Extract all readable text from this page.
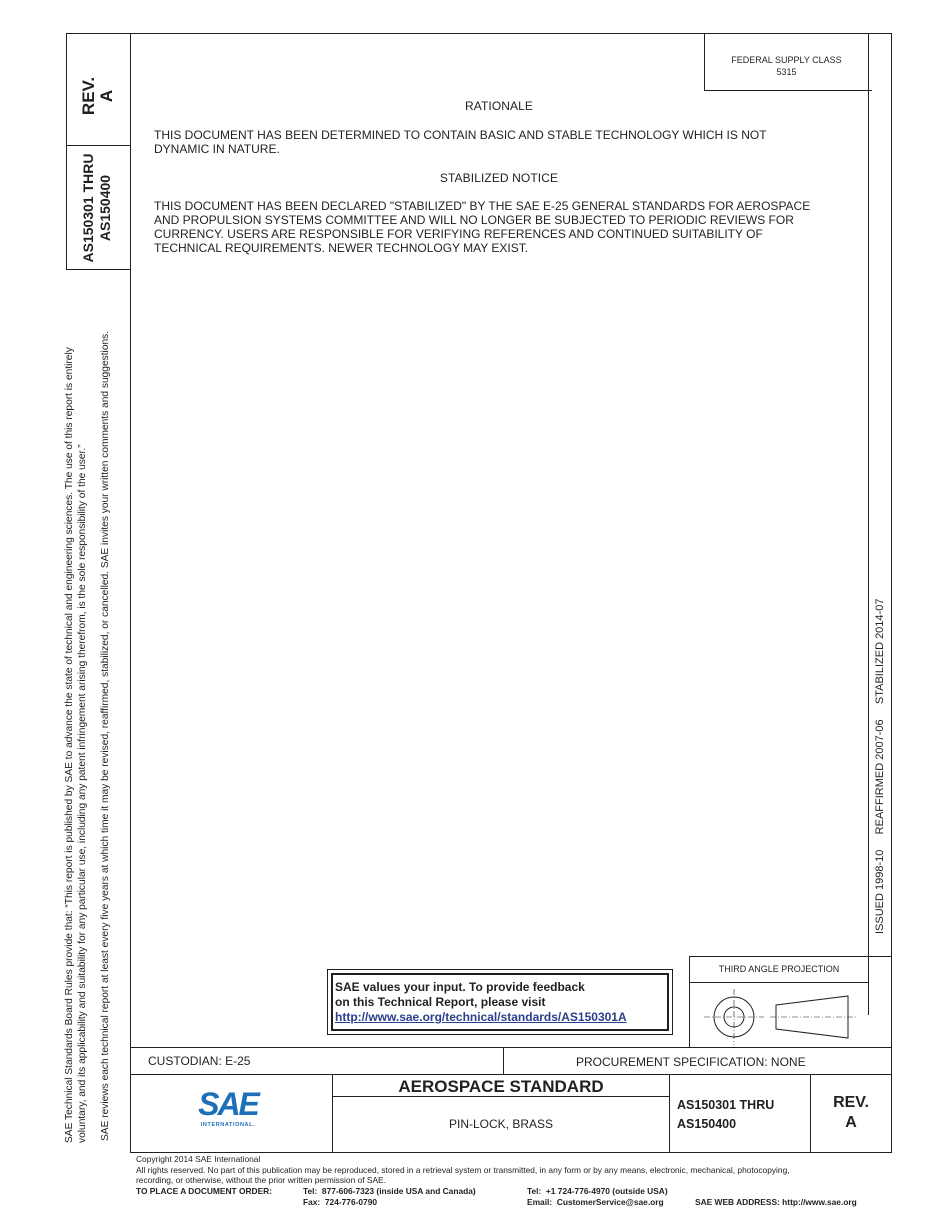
FEDERAL SUPPLY CLASS
5315
REV. A
AS150301 THRU AS150400
SAE Technical Standards Board Rules provide that: “This report is published by SAE to advance the state of technical and engineering sciences. The use of this report is entirely voluntary, and its applicability and suitability for any particular use, including any patent infringement arising therefrom, is the sole responsibility of the user.” SAE reviews each technical report at least every five years at which time it may be revised, reaffirmed, stabilized, or cancelled. SAE invites your written comments and suggestions.	ISSUED 1998-10     REAFFIRMED 2007-06     STABILIZED 2014-07
RATIONALE
THIS DOCUMENT HAS BEEN DETERMINED TO CONTAIN BASIC AND STABLE TECHNOLOGY WHICH IS NOT
DYNAMIC IN NATURE.
STABILIZED NOTICE
THIS DOCUMENT HAS BEEN DECLARED "STABILIZED" BY THE SAE E-25 GENERAL STANDARDS FOR AEROSPACE
AND PROPULSION SYSTEMS COMMITTEE AND WILL NO LONGER BE SUBJECTED TO PERIODIC REVIEWS FOR
CURRENCY. USERS ARE RESPONSIBLE FOR VERIFYING REFERENCES AND CONTINUED SUITABILITY OF
TECHNICAL REQUIREMENTS. NEWER TECHNOLOGY MAY EXIST.
SAE values your input. To provide feedback
on this Technical Report, please visit
http://www.sae.org/technical/standards/AS150301A
THIRD ANGLE PROJECTION
CUSTODIAN: E-25	PROCUREMENT SPECIFICATION: NONE
SAE
INTERNATIONAL.
AEROSPACE STANDARD
PIN-LOCK, BRASS
AS150301 THRU
AS150400
REV.
A
Copyright 2014 SAE International
All rights reserved. No part of this publication may be reproduced, stored in a retrieval system or transmitted, in any form or by any means, electronic, mechanical, photocopying,
recording, or otherwise, without the prior written permission of SAE.
TO PLACE A DOCUMENT ORDER:	Tel:  877-606-7323 (inside USA and Canada)
Fax:  724-776-0790
Tel:  +1 724-776-4970 (outside USA)
Email:  CustomerService@sae.org	SAE WEB ADDRESS: http://www.sae.org
